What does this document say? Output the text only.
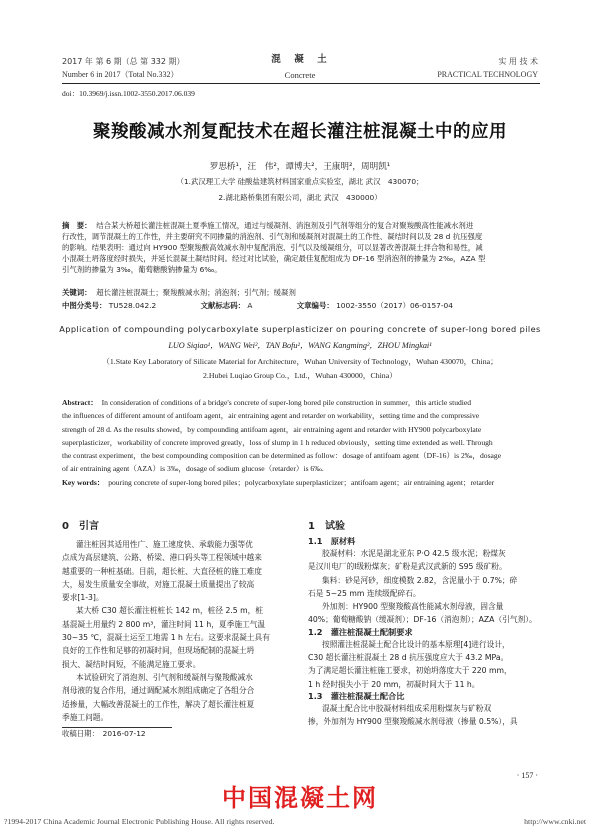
2017 年 第 6 期（总 第 332 期）
Number 6 in 2017（Total No.332）
混　凝　土
Concrete
实 用 技 术
PRACTICAL TECHNOLOGY
doi：10.3969/j.issn.1002-3550.2017.06.039
聚羧酸减水剂复配技术在超长灌注桩混凝土中的应用
罗思桥¹，汪　伟²，谭博夫²，王康明²，周明凯¹
（1.武汉理工大学 硅酸盐建筑材料国家重点实验室，湖北 武汉　430070；
2.湖北路桥集团有限公司，湖北 武汉　430000）
摘　要： 结合某大桥超长灌注桩混凝土夏季施工情况，通过与缓凝剂、消泡剂及引气剂等组分的复合对聚羧酸高性能减水剂进
行改性，调节混凝土的工作性，并主要研究不同掺量的消泡剂、引气剂和缓凝剂对混凝土的工作性、凝结时间以及 28 d 抗压强度
的影响。结果表明：通过向 HY900 型聚羧酸高效减水剂中复配消泡、引气以及缓凝组分，可以显著改善混凝土拌合物和易性，减
小混凝土坍落度经时损失，并延长混凝土凝结时间。经过对比试验，确定最佳复配组成为 DF-16 型消泡剂的掺量为 2‰，AZA 型
引气剂的掺量为 3‰，葡萄糖酸钠掺量为 6‰。
关键词： 超长灌注桩混凝土；聚羧酸减水剂；消泡剂；引气剂；缓凝剂
中图分类号： TU528.042.2	文献标志码： A	文章编号： 1002-3550（2017）06-0157-04
Application of compounding polycarboxylate superplasticizer on pouring concrete of super-long bored piles
LUO Siqiao¹，WANG Wei²，TAN Bofu²，WANG Kangming²，ZHOU Mingkai¹
（1.State Key Laboratory of Silicate Material for Architecture，Wuhan University of Technology，Wuhan 430070，China；
2.Hubei Luqiao Group Co.，Ltd.，Wuhan 430000，China）
Abstract： In consideration of conditions of a bridge's concrete of super-long bored pile construction in summer，this article studied
the influences of different amount of antifoam agent，air entraining agent and retarder on workability，setting time and the compressive
strength of 28 d. As the results showed，by compounding antifoam agent，air entraining agent and retarder with HY900 polycarboxylate
superplasticizer，workability of concrete improved greatly，loss of slump in 1 h reduced obviously，setting time extended as well. Through
the contrast experiment，the best compounding composition can be determined as follow：dosage of antifoam agent（DF-16）is 2‰，dosage
of air entraining agent（AZA）is 3‰，dosage of sodium glucose（retarder）is 6‰.
Key words： pouring concrete of super-long bored piles；polycarboxylate superplasticizer；antifoam agent；air entraining agent；retarder
0　引言
灌注桩因其适用性广、施工速度快、承载能力强等优
点成为高层建筑、公路、桥梁、港口码头等工程领域中越来
越重要的一种桩基础。目前，超长桩、大直径桩的施工难度
大，易发生质量安全事故，对施工混凝土质量提出了较高
要求[1-3]。
某大桥 C30 超长灌注桩桩长 142 m，桩径 2.5 m，桩
基混凝土用量约 2 800 m³，灌注时间 11 h，夏季施工气温
30~35 ℃，混凝土运至工地需 1 h 左右。这要求混凝土具有
良好的工作性和足够的初凝时间，但现场配制的混凝土坍
损大、凝结时间短，不能满足施工要求。
本试验研究了消泡剂、引气剂和缓凝剂与聚羧酸减水
剂母液的复合作用，通过调配减水剂组成确定了各组分合
适掺量，大幅改善混凝土的工作性，解决了超长灌注桩夏
季施工问题。
收稿日期：　2016-07-12
1　试验
1.1　原材料
胶凝材料：水泥是湖北亚东 P·O 42.5 级水泥；粉煤灰
是汉川电厂的Ⅰ级粉煤灰；矿粉是武汉武新的 S95 级矿粉。
集料：砂是河砂，细度模数 2.82，含泥量小于 0.7%；碎
石是 5~25 mm 连续级配碎石。
外加剂：HY900 型聚羧酸高性能减水剂母液，固含量
40%；葡萄糖酸钠（缓凝剂）；DF-16（消泡剂）；AZA（引气剂）。
1.2　灌注桩混凝土配制要求
按照灌注桩混凝土配合比设计的基本原理[4]进行设计，
C30 超长灌注桩混凝土 28 d 抗压强度应大于 43.2 MPa。
为了满足超长灌注桩施工要求，初始坍落度大于 220 mm，
1 h 经时损失小于 20 mm，初凝时间大于 11 h。
1.3　灌注桩混凝土配合比
混凝土配合比中胶凝材料组成采用粉煤灰与矿粉双
掺，外加剂为 HY900 型聚羧酸减水剂母液（掺量 0.5%），具
· 157 ·
中国混凝土网
?1994-2017 China Academic Journal Electronic Publishing House. All rights reserved.	http://www.cnki.net
